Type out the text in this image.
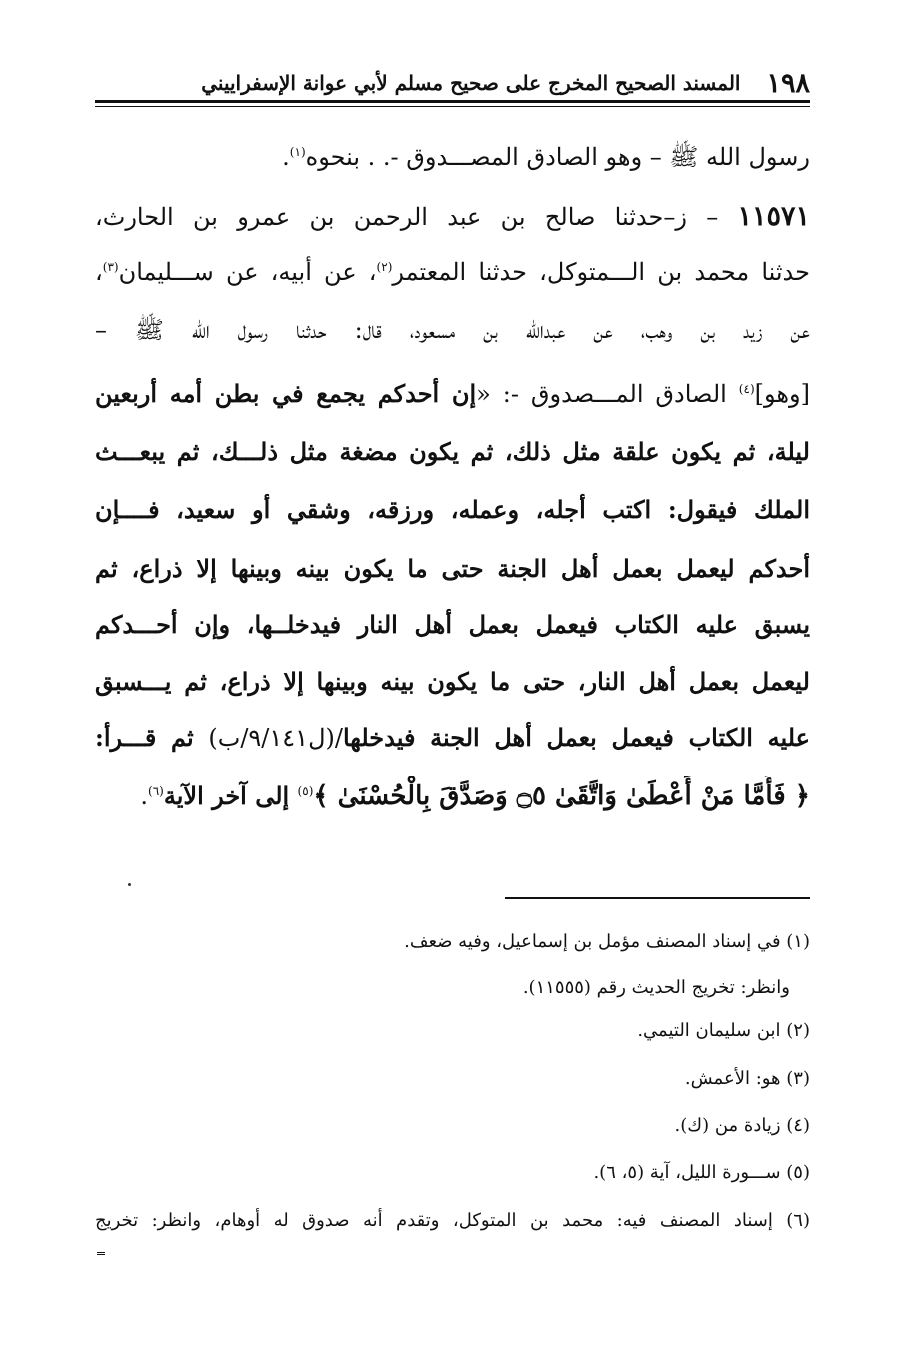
١٩٨
المسند الصحيح المخرج على صحيح مسلم لأبي عوانة الإسفراييني
رسول الله ﷺ – وهو الصادق المصـــدوق -. . بنحوه$^{(١)}$.
١١٥٧١ – ز–حدثنا صالح بن عبد الرحمن بن عمرو بن الحارث،
حدثنا محمد بن الـــمتوكل، حدثنا المعتمر$^{(٢)}$، عن أبيه، عن ســـليمان$^{(٣)}$،
عن زيد بن وهب، عن عبدالله بن مسعود، قال: حدثنا رسول الله ﷺ –
[وهو]$^{(٤)}$ الصادق المـــصدوق -: «إن أحدكم يجمع في بطن أمه أربعين
ليلة، ثم يكون علقة مثل ذلك، ثم يكون مضغة مثل ذلـــك، ثم يبعـــث
الملك فيقول: اكتب أجله، وعمله، ورزقه، وشقي أو سعيد، فــــإن
أحدكم ليعمل بعمل أهل الجنة حتى ما يكون بينه وبينها إلا ذراع، ثم
يسبق عليه الكتاب فيعمل بعمل أهل النار فيدخلــها، وإن أحـــدكم
ليعمل بعمل أهل النار، حتى ما يكون بينه وبينها إلا ذراع، ثم يـــسبق
عليه الكتاب فيعمل بعمل أهل الجنة فيدخلها/(ل٩/١٤١/ب) ثم قـــرأ:
﴿ فَأَمَّا مَنْ أَعْطَىٰ وَاتَّقَىٰ ۝٥ وَصَدَّقَ بِالْحُسْنَىٰ ﴾$^{(٥)}$ إلى آخر الآية$^{(٦)}$.
(١) في إسناد المصنف مؤمل بن إسماعيل، وفيه ضعف.
وانظر: تخريج الحديث رقم (١١٥٥٥).
(٢) ابن سليمان التيمي.
(٣) هو: الأعمش.
(٤) زيادة من (ك).
(٥) ســـورة الليل، آية (٥، ٦).
(٦) إسناد المصنف فيه: محمد بن المتوكل، وتقدم أنه صدوق له أوهام، وانظر: تخريج
